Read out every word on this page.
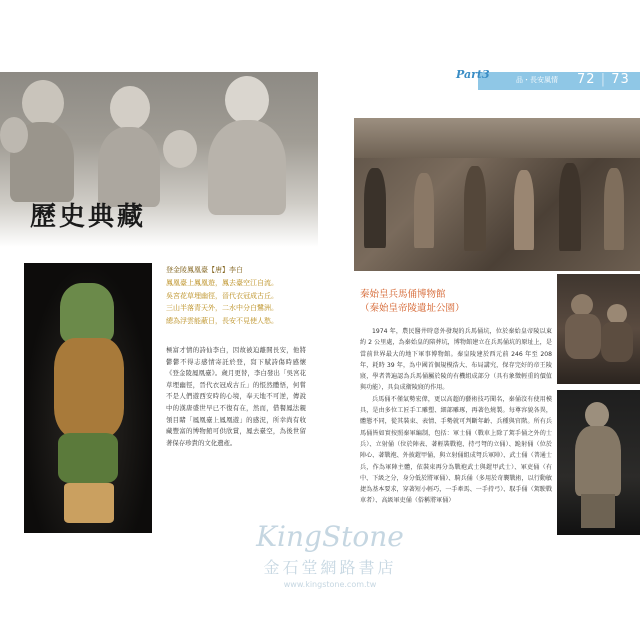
歷史典藏
登金陵鳳凰臺【唐】李白
鳳凰臺上鳳凰遊，鳳去臺空江自流。
吳宮花草埋幽徑，晉代衣冠成古丘。
三山半落青天外，二水中分白鷺洲。
總為浮雲能蔽日，長安不見使人愁。
極富才情的詩仙李白，因故被迫離開長安，他將鬱鬱不得志感情寄託於登，寫下賦詩傷時感懷《登金陵鳳凰臺》。歲月更替，李白發出「吳宮花草埋幽徑，晉代衣冠成古丘」的悵然體悟，何嘗不是人們遊西安時的心境，奉天地不可逆，傳說中的漢唐盛世早已不復有在，然而，借餐鳳法親領目睹「鳳凰臺上鳳凰遊」的感況，所幸尚有收藏豐富的博物館可供欣賞，鳳去臺空，為後世留著保存珍貴的文化遺產。
Part3	品・長安風情 72 | 73
秦始皇兵馬俑博物館
（秦始皇帝陵遺址公園）

1974 年，農民醫井時意外發現的兵馬俑坑，位於秦始皇帝陵以東約 2 公里處，為秦始皇的陪葬坑，博物館建立在兵馬俑坑的原址上，是當前世界最大的地下軍事博物館。秦皇陵建於西元前 246 年至 208 年，耗時 39 年，為中國首個規模浩大、布局講究，保存完好的帝王陵寢，學者普遍認為兵馬俑屬於陵的有機組成部分（具有象徵輕重的價值與功能），具負成衛陵寢的作用。

兵馬俑不僅氣勢宏偉，更以高超的藝術技巧聞名，秦俑沒有使用模具，是由多位工匠手工雕塑、細部雕琢，再著色燒製。每尊容貌各異，體態不同，從其裝束、表情、手勢就可判斷年齡、兵種與官階。所有兵馬俑皆如實按照秦軍編制，包括：軍士俑（戰車上除了駕手俑之外的士兵）、立射俑（位於陣表、著輕裝戰袍、持弓弩的立俑）、跪射俑（位於陣心、著戰袍、外披鎧甲俑，與立射俑組成弩兵軍陣）、武士俑（普通士兵，作為軍陣主體，依裝束再分為戰袍武士與鎧甲武士）、軍吏俑（有中、下級之分，身分低於將軍俑）、騎兵俑（多用於奇襲戰術，以行動敏捷為基本要求，穿著短小輕巧，一手牽馬、一手持弓）、馭手俑（駕駛戰車者）、高級軍吏俑（俗稱將軍俑）

KingStone
金石堂網路書店
www.kingstone.com.tw
